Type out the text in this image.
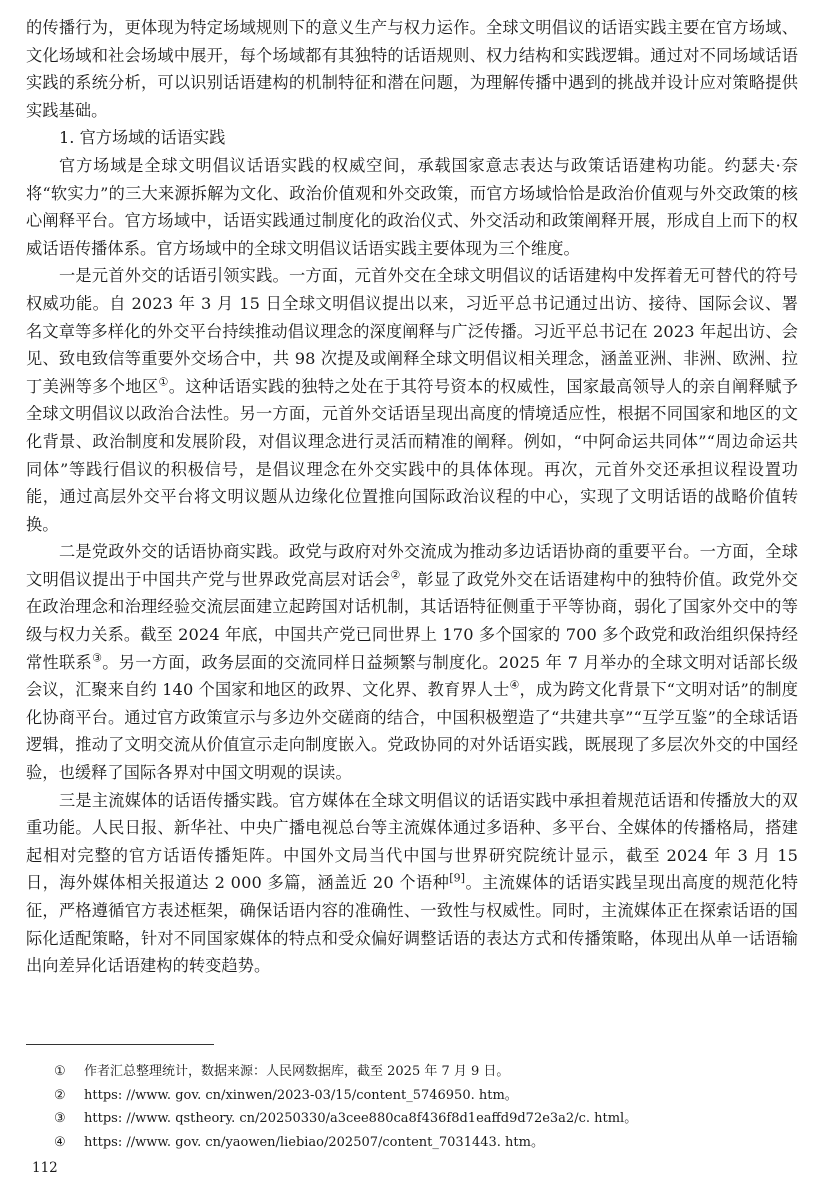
的传播行为，更体现为特定场域规则下的意义生产与权力运作。全球文明倡议的话语实践主要在官方场域、文化场域和社会场域中展开，每个场域都有其独特的话语规则、权力结构和实践逻辑。通过对不同场域话语实践的系统分析，可以识别话语建构的机制特征和潜在问题，为理解传播中遇到的挑战并设计应对策略提供实践基础。

1. 官方场域的话语实践

官方场域是全球文明倡议话语实践的权威空间，承载国家意志表达与政策话语建构功能。约瑟夫·奈将“软实力”的三大来源拆解为文化、政治价值观和外交政策，而官方场域恰恰是政治价值观与外交政策的核心阐释平台。官方场域中，话语实践通过制度化的政治仪式、外交活动和政策阐释开展，形成自上而下的权威话语传播体系。官方场域中的全球文明倡议话语实践主要体现为三个维度。

一是元首外交的话语引领实践。一方面，元首外交在全球文明倡议的话语建构中发挥着无可替代的符号权威功能。自 2023 年 3 月 15 日全球文明倡议提出以来，习近平总书记通过出访、接待、国际会议、署名文章等多样化的外交平台持续推动倡议理念的深度阐释与广泛传播。习近平总书记在 2023 年起出访、会见、致电致信等重要外交场合中，共 98 次提及或阐释全球文明倡议相关理念，涵盖亚洲、非洲、欧洲、拉丁美洲等多个地区①。这种话语实践的独特之处在于其符号资本的权威性，国家最高领导人的亲自阐释赋予全球文明倡议以政治合法性。另一方面，元首外交话语呈现出高度的情境适应性，根据不同国家和地区的文化背景、政治制度和发展阶段，对倡议理念进行灵活而精准的阐释。例如，“中阿命运共同体”“周边命运共同体”等践行倡议的积极信号，是倡议理念在外交实践中的具体体现。再次，元首外交还承担议程设置功能，通过高层外交平台将文明议题从边缘化位置推向国际政治议程的中心，实现了文明话语的战略价值转换。

二是党政外交的话语协商实践。政党与政府对外交流成为推动多边话语协商的重要平台。一方面，全球文明倡议提出于中国共产党与世界政党高层对话会②，彰显了政党外交在话语建构中的独特价值。政党外交在政治理念和治理经验交流层面建立起跨国对话机制，其话语特征侧重于平等协商，弱化了国家外交中的等级与权力关系。截至 2024 年底，中国共产党已同世界上 170 多个国家的 700 多个政党和政治组织保持经常性联系③。另一方面，政务层面的交流同样日益频繁与制度化。2025 年 7 月举办的全球文明对话部长级会议，汇聚来自约 140 个国家和地区的政界、文化界、教育界人士④，成为跨文化背景下“文明对话”的制度化协商平台。通过官方政策宣示与多边外交磋商的结合，中国积极塑造了“共建共享”“互学互鉴”的全球话语逻辑，推动了文明交流从价值宣示走向制度嵌入。党政协同的对外话语实践，既展现了多层次外交的中国经验，也缓释了国际各界对中国文明观的误读。

三是主流媒体的话语传播实践。官方媒体在全球文明倡议的话语实践中承担着规范话语和传播放大的双重功能。人民日报、新华社、中央广播电视总台等主流媒体通过多语种、多平台、全媒体的传播格局，搭建起相对完整的官方话语传播矩阵。中国外文局当代中国与世界研究院统计显示，截至 2024 年 3 月 15 日，海外媒体相关报道达 2 000 多篇，涵盖近 20 个语种[9]。主流媒体的话语实践呈现出高度的规范化特征，严格遵循官方表述框架，确保话语内容的准确性、一致性与权威性。同时，主流媒体正在探索话语的国际化适配策略，针对不同国家媒体的特点和受众偏好调整话语的表达方式和传播策略，体现出从单一话语输出向差异化话语建构的转变趋势。

① 作者汇总整理统计，数据来源：人民网数据库，截至 2025 年 7 月 9 日。

② https: //www. gov. cn/xinwen/2023-03/15/content_5746950. htm。

③ https: //www. qstheory. cn/20250330/a3cee880ca8f436f8d1eaffd9d72e3a2/c. html。

④ https: //www. gov. cn/yaowen/liebiao/202507/content_7031443. htm。

112
